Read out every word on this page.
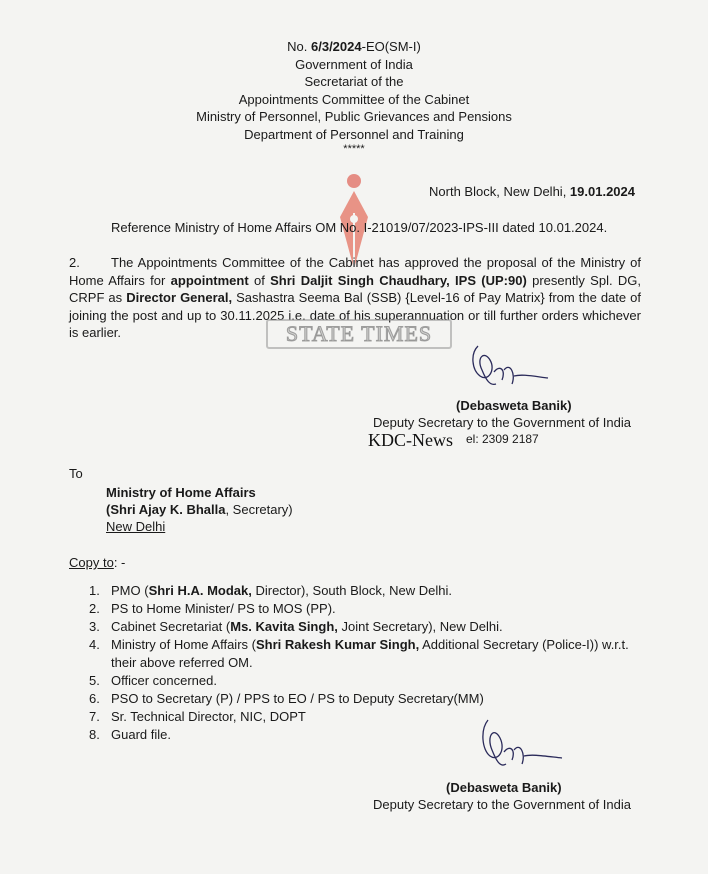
No. 6/3/2024-EO(SM-I)
Government of India
Secretariat of the
Appointments Committee of the Cabinet
Ministry of Personnel, Public Grievances and Pensions
Department of Personnel and Training
*****
North Block, New Delhi, 19.01.2024
Reference Ministry of Home Affairs OM No. I-21019/07/2023-IPS-III dated 10.01.2024.
2. The Appointments Committee of the Cabinet has approved the proposal of the Ministry of Home Affairs for appointment of Shri Daljit Singh Chaudhary, IPS (UP:90) presently Spl. DG, CRPF as Director General, Sashastra Seema Bal (SSB) {Level-16 of Pay Matrix} from the date of joining the post and up to 30.11.2025 i.e. date of his superannuation or till further orders whichever is earlier.	STATE TIMES
(Debasweta Banik)
Deputy Secretary to the Government of India
KDC-News el: 2309 2187
To
Ministry of Home Affairs
(Shri Ajay K. Bhalla, Secretary)
New Delhi
Copy to: -
1. PMO (Shri H.A. Modak, Director), South Block, New Delhi.
2. PS to Home Minister/ PS to MOS (PP).
3. Cabinet Secretariat (Ms. Kavita Singh, Joint Secretary), New Delhi.
4. Ministry of Home Affairs (Shri Rakesh Kumar Singh, Additional Secretary (Police-I)) w.r.t. their above referred OM.
5. Officer concerned.
6. PSO to Secretary (P) / PPS to EO / PS to Deputy Secretary(MM)
7. Sr. Technical Director, NIC, DOPT
8. Guard file.
(Debasweta Banik)
Deputy Secretary to the Government of India
